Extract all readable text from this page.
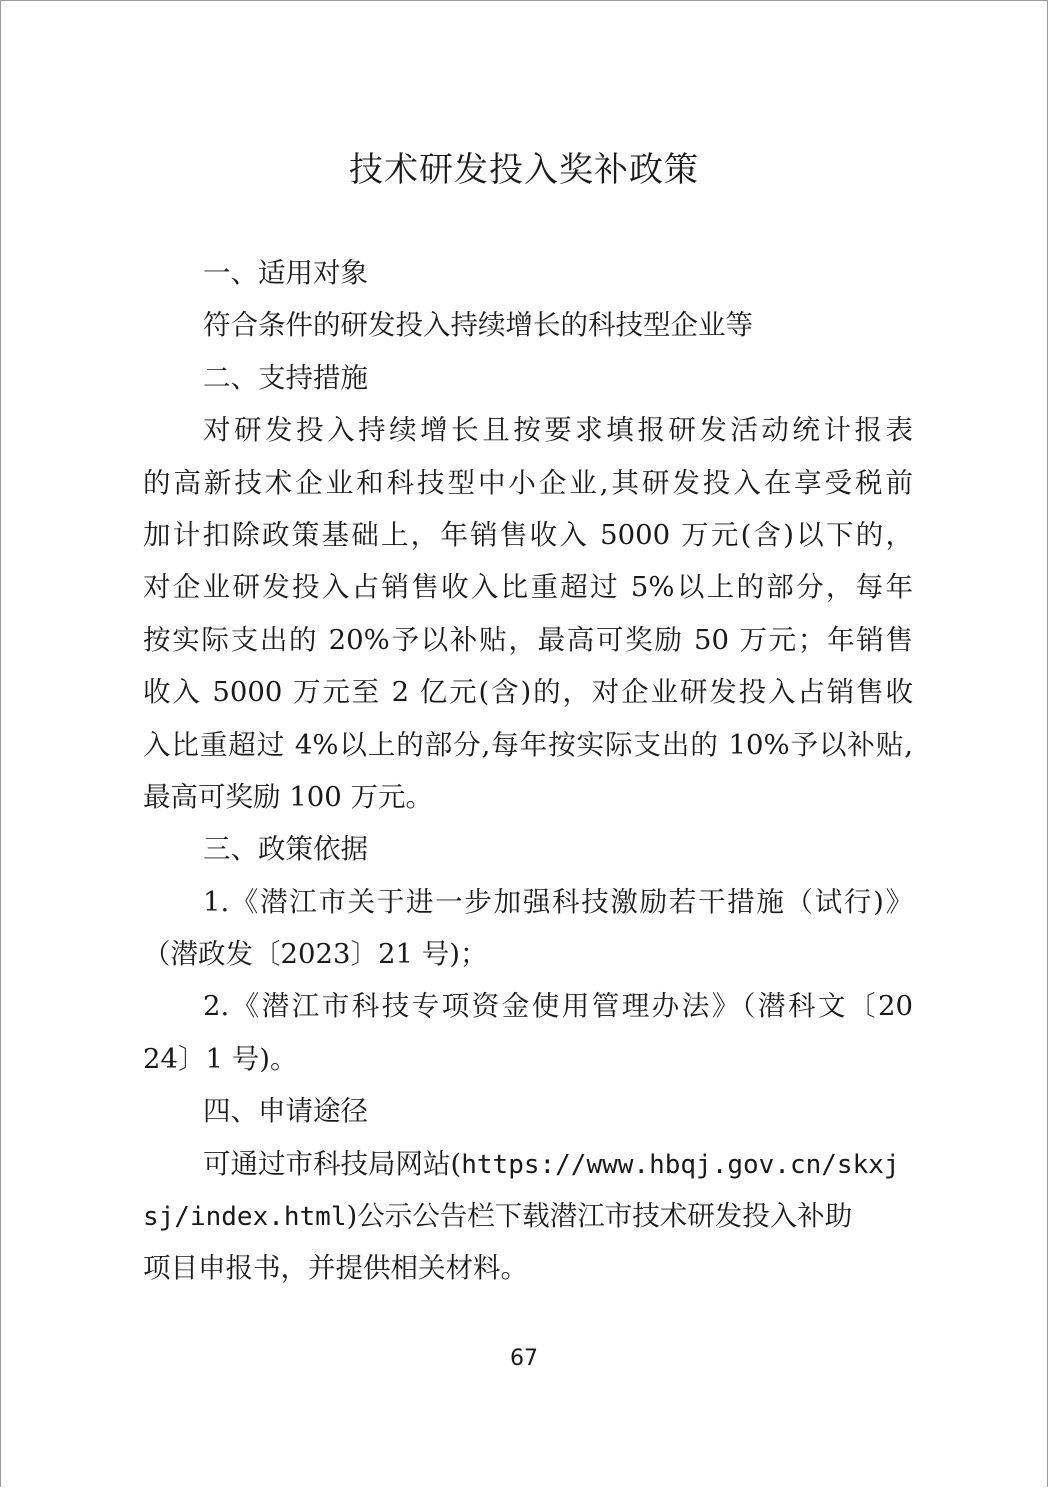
技术研发投入奖补政策
一、适用对象
符合条件的研发投入持续增长的科技型企业等
二、支持措施
对研发投入持续增长且按要求填报研发活动统计报表
的高新技术企业和科技型中小企业,其研发投入在享受税前
加计扣除政策基础上，年销售收入 5000 万元(含)以下的，
对企业研发投入占销售收入比重超过 5%以上的部分，每年
按实际支出的 20%予以补贴，最高可奖励 50 万元；年销售
收入 5000 万元至 2 亿元(含)的，对企业研发投入占销售收
入比重超过 4%以上的部分,每年按实际支出的 10%予以补贴,
最高可奖励 100 万元。
三、政策依据
1.《潜江市关于进一步加强科技激励若干措施（试行)》
（潜政发〔2023〕21 号)；
2.《潜江市科技专项资金使用管理办法》（潜科文〔20
24〕1 号)。
四、申请途径
可通过市科技局网站(https://www.hbqj.gov.cn/skxj
sj/index.html)公示公告栏下载潜江市技术研发投入补助
项目申报书，并提供相关材料。
67
